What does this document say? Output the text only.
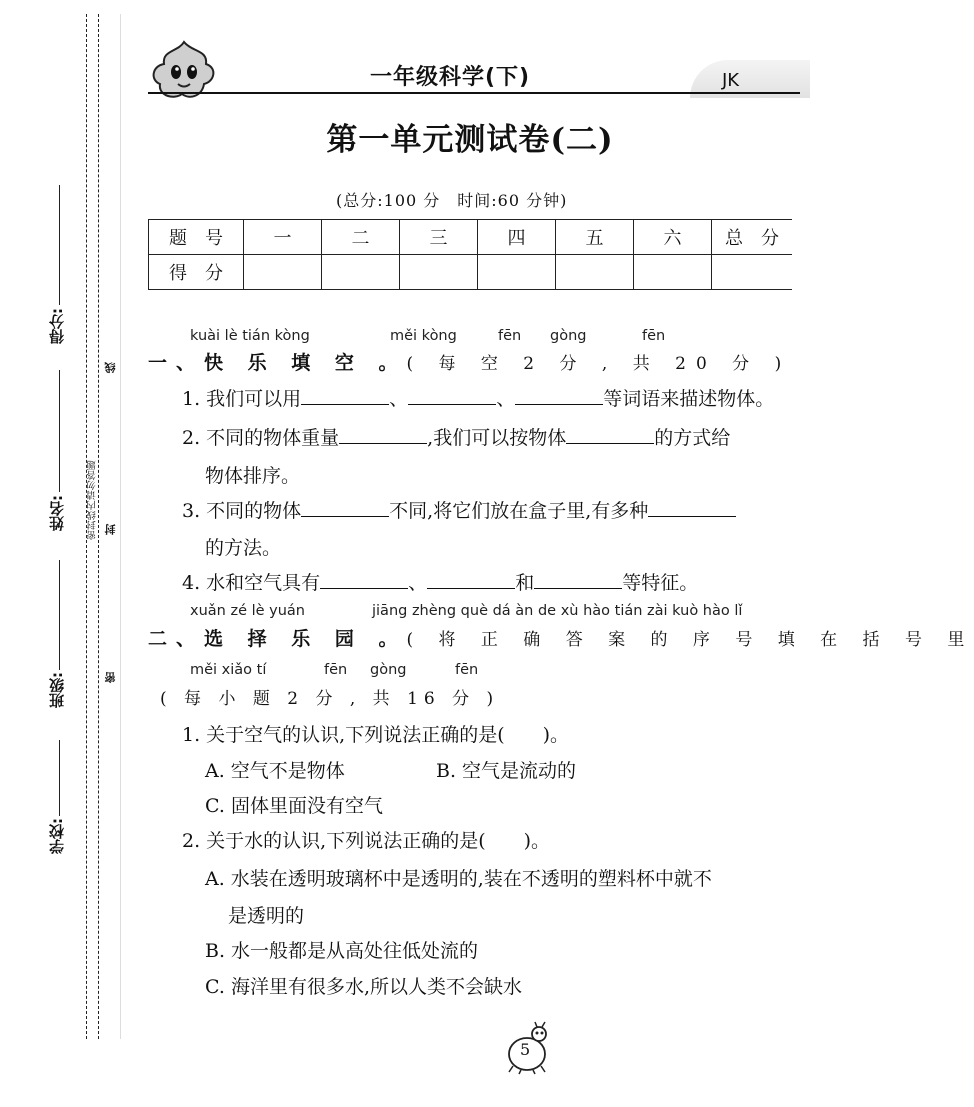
得分:
姓名:
班级:
学校:
线
封
密
密封线内请勿答题
一年级科学(下)	JK
第一单元测试卷(二)
(总分:100 分　时间:60 分钟)
题　号	一	二	三	四	五	六	总　分
得　分							
kuài lè tián kòng	měi kòng	fēn gòng	fēn
一、快 乐 填 空 。( 每 空 2 分 , 共 20 分 )
1. 我们可以用	、	、	等词语来描述物体。
2. 不同的物体重量	,我们可以按物体	的方式给
物体排序。
3. 不同的物体	不同,将它们放在盒子里,有多种
的方法。
4. 水和空气具有	、	和	等特征。
xuǎn zé lè yuán	jiāng zhèng què dá àn de xù hào tián zài kuò hào lǐ
二、选 择 乐 园 。( 将 正 确 答 案 的 序 号 填 在 括 号 里
měi xiǎo tí	fēn gòng	fēn
( 每 小 题 2 分 , 共 16 分 )
1. 关于空气的认识,下列说法正确的是(　　)。
A. 空气不是物体	B. 空气是流动的
C. 固体里面没有空气
2. 关于水的认识,下列说法正确的是(　　)。
A. 水装在透明玻璃杯中是透明的,装在不透明的塑料杯中就不
是透明的
B. 水一般都是从高处往低处流的
C. 海洋里有很多水,所以人类不会缺水
5
